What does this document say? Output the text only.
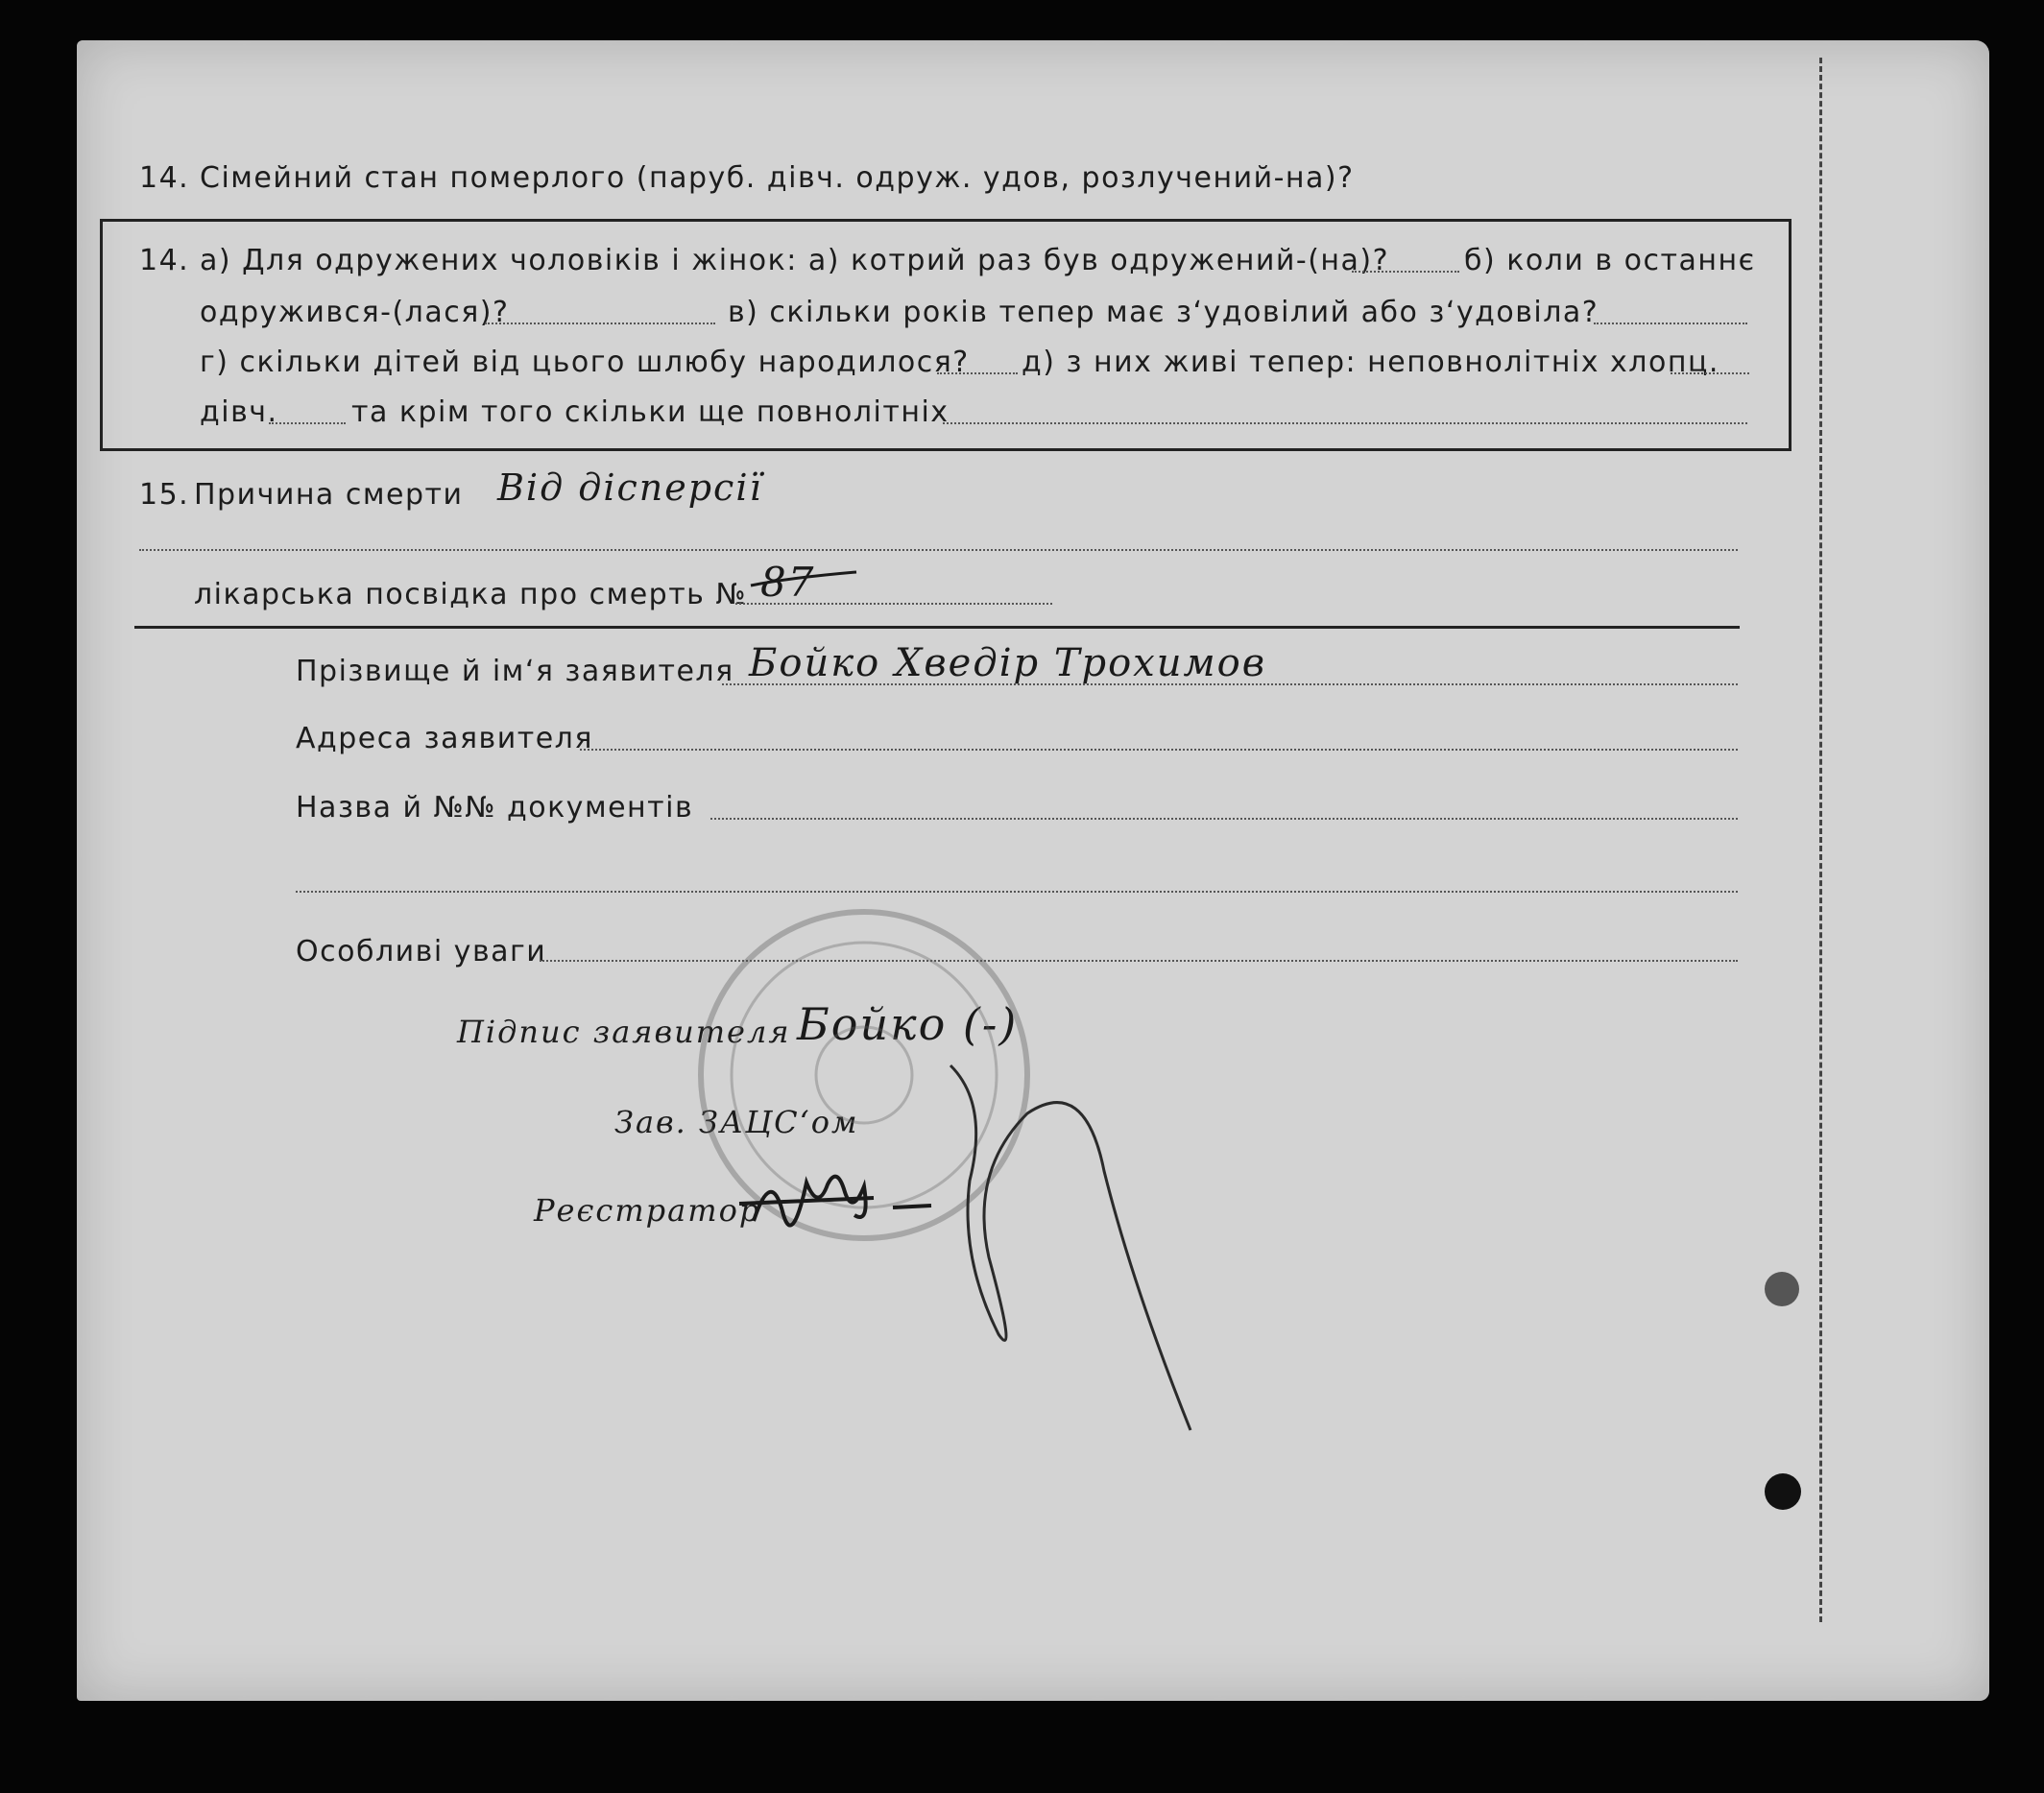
14. Сімейний стан померлого (паруб. дівч. одруж. удов, розлучений-на)?
14. а) Для одружених чоловіків і жінок: а) котрий раз був одружений-(на)?	б) коли в останнє
одружився-(лася)?	в) скільки років тепер має з‘удовілий або з‘удовіла?
г) скільки дітей від цього шлюбу народилося? д) з них живі тепер: неповнолітніх хлопц.
дівч.	та крім того скільки ще повнолітніх
15. Причина смерти Від дісперсії
лікарська посвідка про смерть № 87
Прізвище й ім‘я заявителя Бойко Хведір Трохимов
Адреса заявителя
Назва й №№ документів
Особливі уваги
Підпис заявителя Бойко (-)
Зав. ЗАЦС‘ом
Реєстратор
